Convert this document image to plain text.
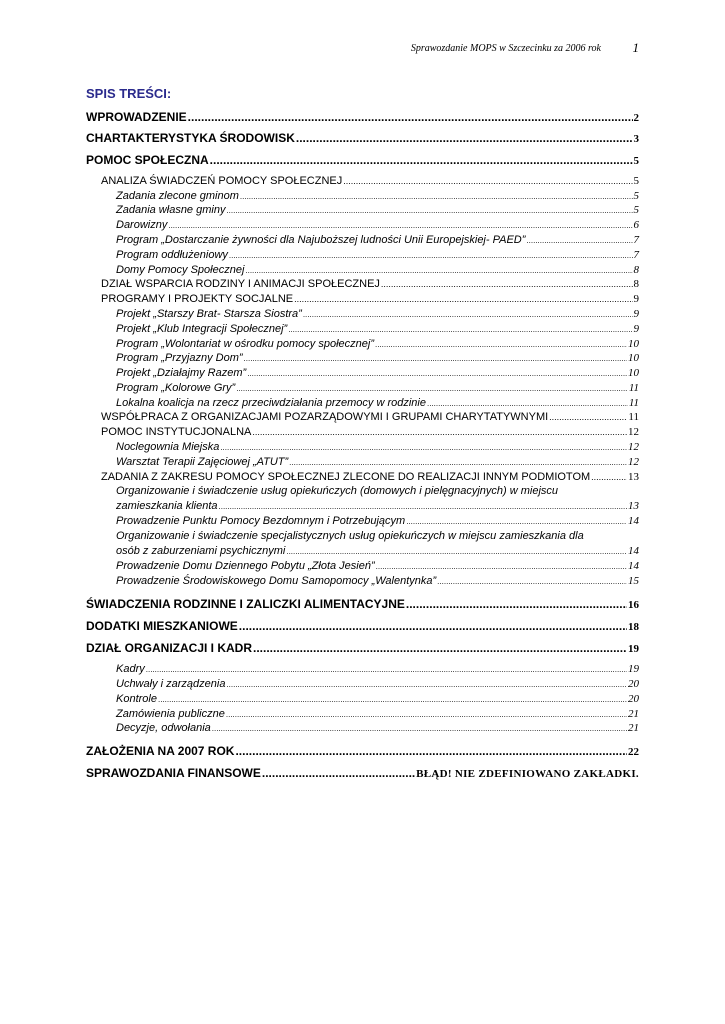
Sprawozdanie MOPS w Szczecinku za 2006 rok 1
SPIS TREŚCI:
WPROWADZENIE .....	2
CHARTAKTERYSTYKA ŚRODOWISK .....	3
POMOC SPOŁECZNA .....	5
ANALIZA ŚWIADCZEŃ POMOCY SPOŁECZNEJ .....	5
Zadania zlecone gminom .....	5
Zadania własne gminy .....	5
Darowizny .....	6
Program „Dostarczanie żywności dla Najuboższej ludności Unii Europejskiej- PAED” .....	7
Program oddłużeniowy .....	7
Domy Pomocy Społecznej .....	8
DZIAŁ WSPARCIA RODZINY I ANIMACJI SPOŁECZNEJ .....	8
PROGRAMY I PROJEKTY SOCJALNE .....	9
Projekt „Starszy Brat- Starsza Siostra” .....	9
Projekt „Klub Integracji Społecznej” .....	9
Program „Wolontariat w ośrodku pomocy społecznej” .....	10
Program „Przyjazny Dom” .....	10
Projekt „Działajmy Razem” .....	10
Program „Kolorowe Gry” .....	11
Lokalna koalicja na rzecz przeciwdziałania przemocy w rodzinie .....	11
WSPÓŁPRACA Z ORGANIZACJAMI POZARZĄDOWYMI I GRUPAMI CHARYTATYWNYMI .....	11
POMOC INSTYTUCJONALNA .....	12
Noclegownia Miejska .....	12
Warsztat Terapii Zajęciowej „ATUT” .....	12
ZADANIA Z ZAKRESU POMOCY SPOŁECZNEJ ZLECONE DO REALIZACJI INNYM PODMIOTOM .....	13
Organizowanie i świadczenie usług opiekuńczych (domowych i pielęgnacyjnych) w miejscu
zamieszkania klienta .....	13
Prowadzenie Punktu Pomocy Bezdomnym i Potrzebującym .....	14
Organizowanie i świadczenie specjalistycznych usług opiekuńczych w miejscu zamieszkania dla
osób z zaburzeniami psychicznymi .....	14
Prowadzenie Domu Dziennego Pobytu „Złota Jesień” .....	14
Prowadzenie Środowiskowego Domu Samopomocy „Walentynka” .....	15
ŚWIADCZENIA RODZINNE I ZALICZKI ALIMENTACYJNE .....	16
DODATKI MIESZKANIOWE .....	18
DZIAŁ ORGANIZACJI I KADR .....	19
Kadry .....	19
Uchwały i zarządzenia .....	20
Kontrole .....	20
Zamówienia publiczne .....	21
Decyzje, odwołania .....	21
ZAŁOŻENIA NA 2007 ROK .....	22
SPRAWOZDANIA FINANSOWE .....	BŁĄD! NIE ZDEFINIOWANO ZAKŁADKI.
